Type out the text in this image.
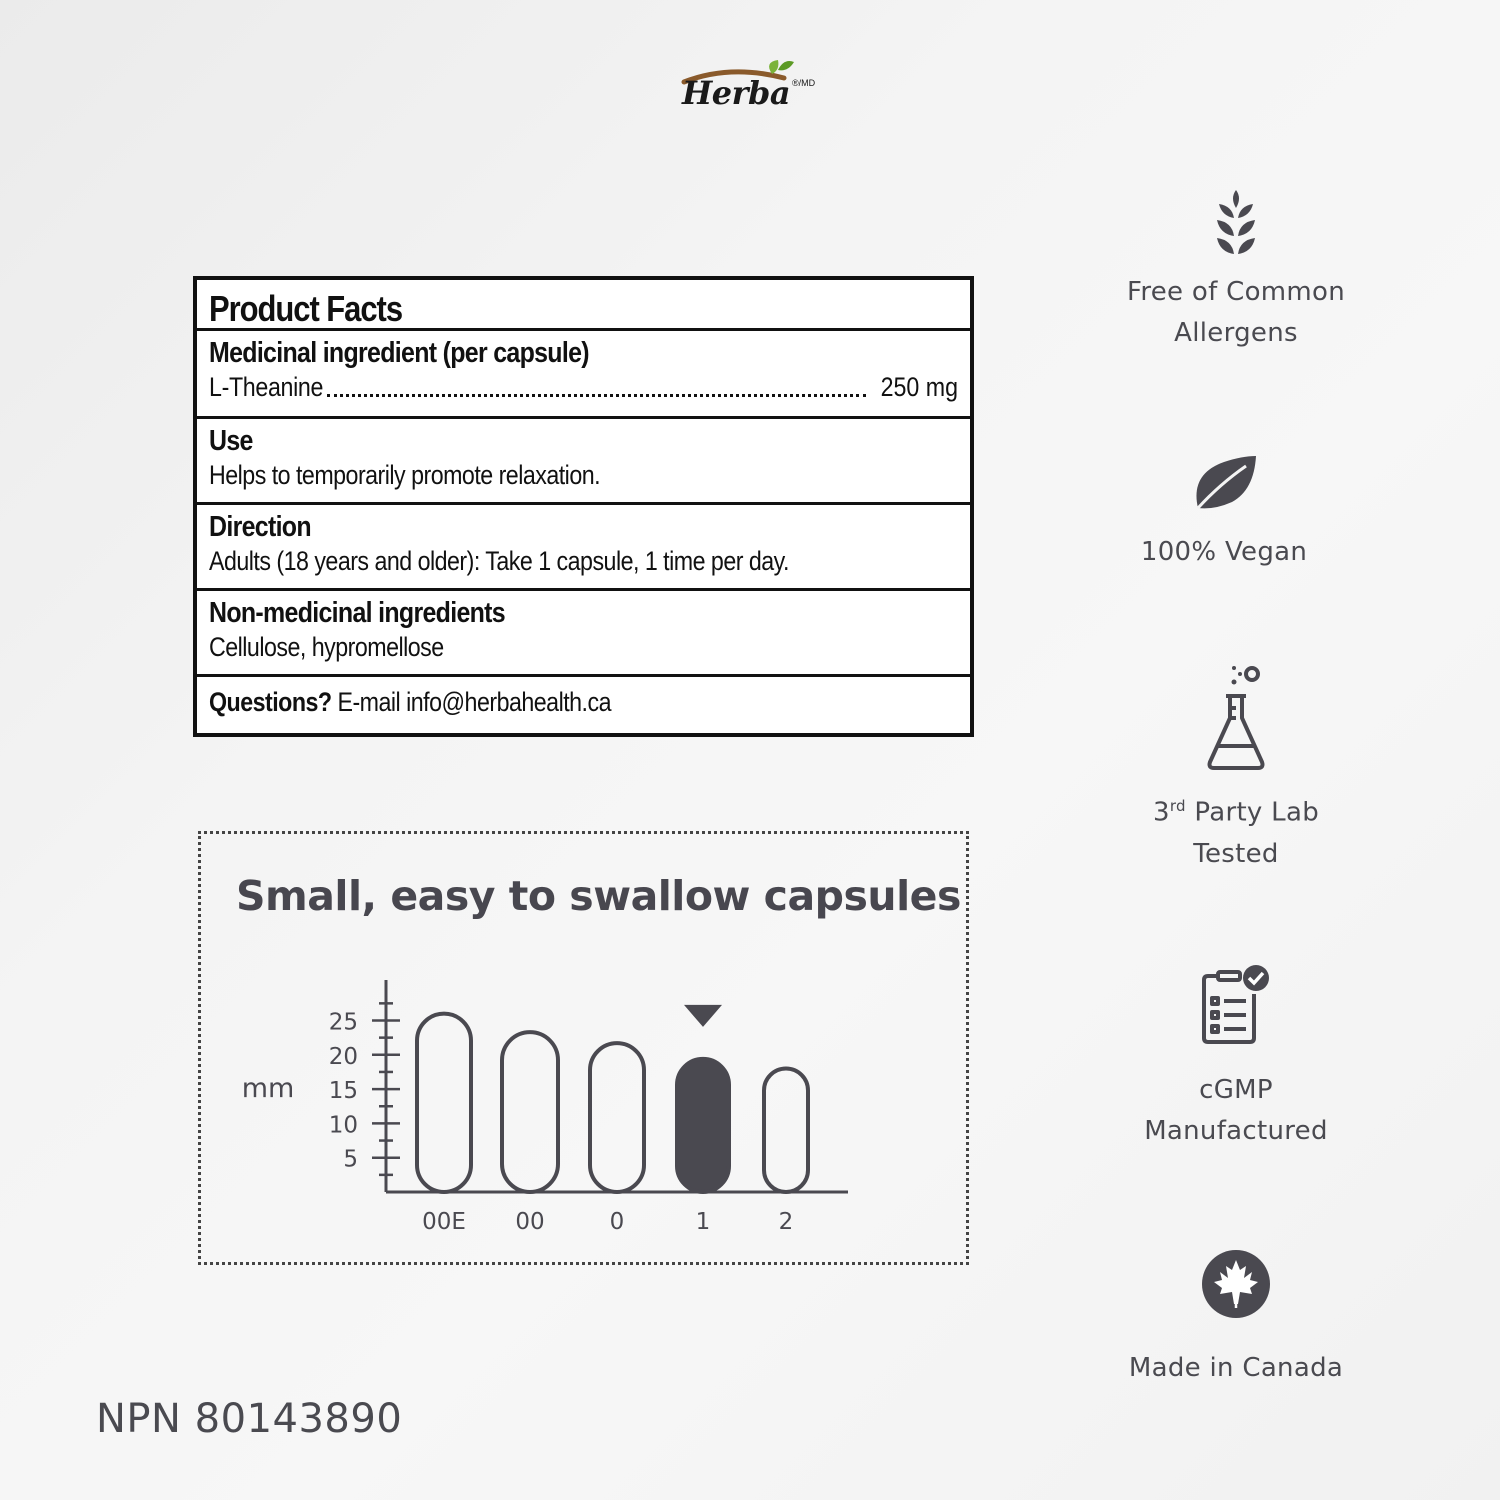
Herba ®/MD
Product Facts
Medicinal ingredient (per capsule)
L-Theanine	250 mg
Use
Helps to temporarily promote relaxation.
Direction
Adults (18 years and older): Take 1 capsule, 1 time per day.
Non-medicinal ingredients
Cellulose, hypromellose
Questions? E-mail info@herbahealth.ca
Small, easy to swallow capsules
5
10
15
20
25
mm
00E 00	0	1	2
Free of Common
Allergens
100% Vegan
3rd Party Lab
Tested
cGMP
Manufactured
Made in Canada
NPN 80143890
